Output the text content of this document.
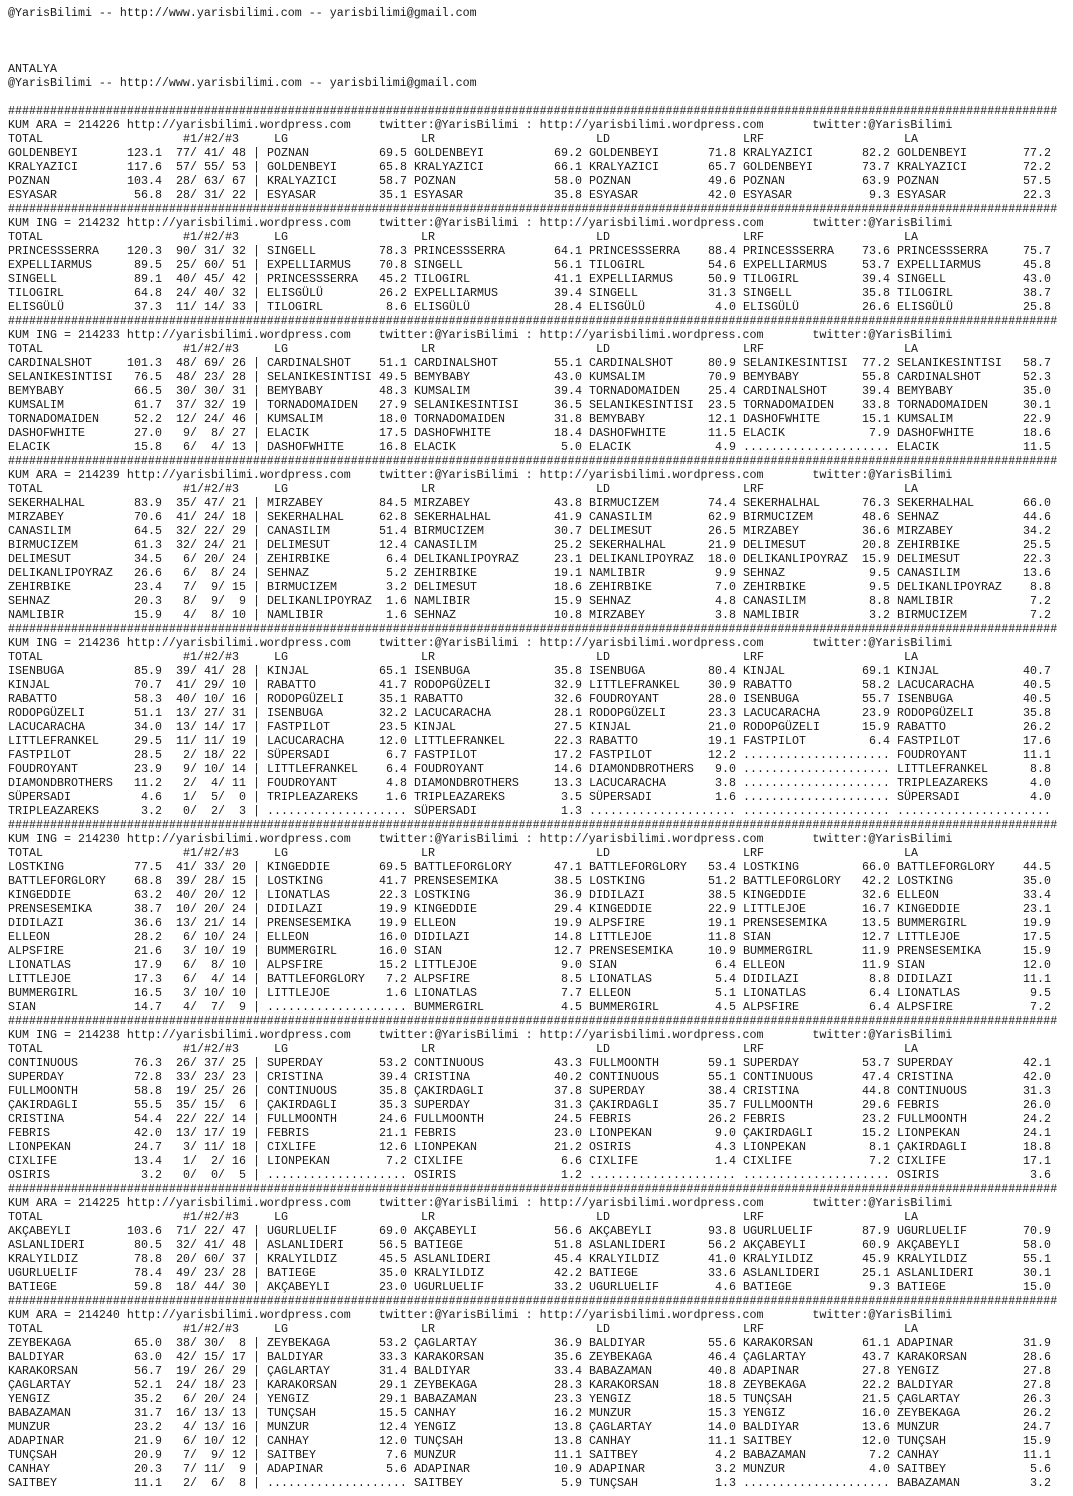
@YarisBilimi -- http://www.yarisbilimi.com -- yarisbilimi@gmail.com
ANTALYA
@YarisBilimi -- http://www.yarisbilimi.com -- yarisbilimi@gmail.com
######################################################################################################################################################
KUM ARA = 214226 http://yarisbilimi.wordpress.com    twitter:@YarisBilimi : http://yarisbilimi.wordpress.com       twitter:@YarisBilimi
TOTAL	#1/#2/#3	LG	LR	LD	LRF	LA
GOLDENBEYI	123.1 77/ 41/ 48 | POZNAN	69.5 GOLDENBEYI	69.2 GOLDENBEYI	71.8 KRALYAZICI	82.2 GOLDENBEYI	77.2
KRALYAZICI	117.6 57/ 55/ 53 | GOLDENBEYI	65.8 KRALYAZICI	66.1 KRALYAZICI	65.7 GOLDENBEYI	73.7 KRALYAZICI	72.2
POZNAN	103.4 28/ 63/ 67 | KRALYAZICI	58.7 POZNAN	58.0 POZNAN	49.6 POZNAN	63.9 POZNAN	57.5
ESYASAR	56.8 28/ 31/ 22 | ESYASAR	35.1 ESYASAR	35.8 ESYASAR	42.0 ESYASAR	9.3 ESYASAR	22.3
######################################################################################################################################################
KUM ING = 214232 http://yarisbilimi.wordpress.com    twitter:@YarisBilimi : http://yarisbilimi.wordpress.com       twitter:@YarisBilimi
TOTAL	#1/#2/#3	LG	LR	LD	LRF	LA
PRINCESSSERRA 120.3 90/ 31/ 32 | SINGELL	78.3 PRINCESSSERRA	64.1 PRINCESSSERRA 88.4 PRINCESSSERRA 73.6 PRINCESSSERRA	75.7
EXPELLIARMUS	89.5 25/ 60/ 51 | EXPELLIARMUS 70.8 SINGELL	56.1 TILOGIRL	54.6 EXPELLIARMUS	53.7 EXPELLIARMUS	45.8
SINGELL	89.1 40/ 45/ 42 | PRINCESSSERRA 45.2 TILOGIRL	41.1 EXPELLIARMUS	50.9 TILOGIRL	39.4 SINGELL	43.0
TILOGIRL	64.8 24/ 40/ 32 | ELISGÜLÜ	26.2 EXPELLIARMUS	39.4 SINGELL	31.3 SINGELL	35.8 TILOGIRL	38.7
ELISGÜLÜ	37.3 11/ 14/ 33 | TILOGIRL	8.6 ELISGÜLÜ	28.4 ELISGÜLÜ	4.0 ELISGÜLÜ	26.6 ELISGÜLÜ	25.8
######################################################################################################################################################
KUM ING = 214233 http://yarisbilimi.wordpress.com    twitter:@YarisBilimi : http://yarisbilimi.wordpress.com       twitter:@YarisBilimi
TOTAL	#1/#2/#3	LG	LR	LD	LRF	LA
CARDINALSHOT	101.3 48/ 69/ 26 | CARDINALSHOT 51.1 CARDINALSHOT	55.1 CARDINALSHOT	80.9 SELANIKESINTISI 77.2 SELANIKESINTISI 58.7
SELANIKESINTISI 76.5 48/ 23/ 28 | SELANIKESINTISI 49.5 BEMYBABY	43.0 KUMSALIM	70.9 BEMYBABY	55.8 CARDINALSHOT	52.3
BEMYBABY	66.5 30/ 30/ 31 | BEMYBABY	48.3 KUMSALIM	39.4 TORNADOMAIDEN 25.4 CARDINALSHOT	39.4 BEMYBABY	35.0
KUMSALIM	61.7 37/ 32/ 19 | TORNADOMAIDEN 27.9 SELANIKESINTISI	36.5 SELANIKESINTISI 23.5 TORNADOMAIDEN 33.8 TORNADOMAIDEN	30.1
TORNADOMAIDEN	52.2 12/ 24/ 46 | KUMSALIM	18.0 TORNADOMAIDEN	31.8 BEMYBABY	12.1 DASHOFWHITE	15.1 KUMSALIM	22.9
DASHOFWHITE	27.0 9/  8/ 27 | ELACIK	17.5 DASHOFWHITE	18.4 DASHOFWHITE	11.5 ELACIK	7.9 DASHOFWHITE	18.6
ELACIK	15.8 6/  4/ 13 | DASHOFWHITE	16.8 ELACIK	5.0 ELACIK	4.9 ..................... ELACIK	11.5
######################################################################################################################################################
KUM ARA = 214239 http://yarisbilimi.wordpress.com    twitter:@YarisBilimi : http://yarisbilimi.wordpress.com       twitter:@YarisBilimi
TOTAL	#1/#2/#3	LG	LR	LD	LRF	LA
SEKERHALHAL	83.9 35/ 47/ 21 | MIRZABEY	84.5 MIRZABEY	43.8 BIRMUCIZEM	74.4 SEKERHALHAL	76.3 SEKERHALHAL	66.0
MIRZABEY	70.6 41/ 24/ 18 | SEKERHALHAL	62.8 SEKERHALHAL	41.9 CANASILIM	62.9 BIRMUCIZEM	48.6 SEHNAZ	44.6
CANASILIM	64.5 32/ 22/ 29 | CANASILIM	51.4 BIRMUCIZEM	30.7 DELIMESUT	26.5 MIRZABEY	36.6 MIRZABEY	34.2
BIRMUCIZEM	61.3 32/ 24/ 21 | DELIMESUT	12.4 CANASILIM	25.2 SEKERHALHAL	21.9 DELIMESUT	20.8 ZEHIRBIKE	25.5
DELIMESUT	34.5 6/ 20/ 24 | ZEHIRBIKE	6.4 DELIKANLIPOYRAZ	23.1 DELIKANLIPOYRAZ 18.0 DELIKANLIPOYRAZ 15.9 DELIMESUT	22.3
DELIKANLIPOYRAZ 26.6 6/  8/ 24 | SEHNAZ	5.2 ZEHIRBIKE	19.1 NAMLIBIR	9.9 SEHNAZ	9.5 CANASILIM	13.6
ZEHIRBIKE	23.4 7/  9/ 15 | BIRMUCIZEM	3.2 DELIMESUT	18.6 ZEHIRBIKE	7.0 ZEHIRBIKE	9.5 DELIKANLIPOYRAZ 8.8
SEHNAZ	20.3 8/  9/  9 | DELIKANLIPOYRAZ 1.6 NAMLIBIR	15.9 SEHNAZ	4.8 CANASILIM	8.8 NAMLIBIR	7.2
NAMLIBIR	15.9 4/  8/ 10 | NAMLIBIR	1.6 SEHNAZ	10.8 MIRZABEY	3.8 NAMLIBIR	3.2 BIRMUCIZEM	7.2
######################################################################################################################################################
KUM ING = 214236 http://yarisbilimi.wordpress.com    twitter:@YarisBilimi : http://yarisbilimi.wordpress.com       twitter:@YarisBilimi
TOTAL	#1/#2/#3	LG	LR	LD	LRF	LA
ISENBUGA	85.9 39/ 41/ 28 | KINJAL	65.1 ISENBUGA	35.8 ISENBUGA	80.4 KINJAL	69.1 KINJAL	40.7
KINJAL	70.7 41/ 29/ 10 | RABATTO	41.7 RODOPGÜZELI	32.9 LITTLEFRANKEL 30.9 RABATTO	58.2 LACUCARACHA	40.5
RABATTO	58.3 40/ 10/ 16 | RODOPGÜZELI	35.1 RABATTO	32.6 FOUDROYANT	28.0 ISENBUGA	55.7 ISENBUGA	40.5
RODOPGÜZELI	51.1 13/ 27/ 31 | ISENBUGA	32.2 LACUCARACHA	28.1 RODOPGÜZELI	23.3 LACUCARACHA	23.9 RODOPGÜZELI	35.8
LACUCARACHA	34.0 13/ 14/ 17 | FASTPILOT	23.5 KINJAL	27.5 KINJAL	21.0 RODOPGÜZELI	15.9 RABATTO	26.2
LITTLEFRANKEL	29.5 11/ 11/ 19 | LACUCARACHA	12.0 LITTLEFRANKEL	22.3 RABATTO	19.1 FASTPILOT	6.4 FASTPILOT	17.6
FASTPILOT	28.5 2/ 18/ 22 | SÜPERSADI	6.7 FASTPILOT	17.2 FASTPILOT	12.2 ..................... FOUDROYANT	11.1
FOUDROYANT	23.9 9/ 10/ 14 | LITTLEFRANKEL 6.4 FOUDROYANT	14.6 DIAMONDBROTHERS 9.0 ..................... LITTLEFRANKEL	8.8
DIAMONDBROTHERS 11.2 2/  4/ 11 | FOUDROYANT	4.8 DIAMONDBROTHERS	13.3 LACUCARACHA	3.8 ..................... TRIPLEAZAREKS	4.0
SÜPERSADI	4.6 1/  5/  0 | TRIPLEAZAREKS 1.6 TRIPLEAZAREKS	3.5 SÜPERSADI	1.6 ..................... SÜPERSADI	4.0
TRIPLEAZAREKS	3.2 0/  2/  3 | .................... SÜPERSADI	1.3 ..................... ..................... ......................
######################################################################################################################################################
KUM ING = 214230 http://yarisbilimi.wordpress.com    twitter:@YarisBilimi : http://yarisbilimi.wordpress.com       twitter:@YarisBilimi
TOTAL	#1/#2/#3	LG	LR	LD	LRF	LA
LOSTKING	77.5 41/ 33/ 20 | KINGEDDIE	69.5 BATTLEFORGLORY	47.1 BATTLEFORGLORY 53.4 LOSTKING	66.0 BATTLEFORGLORY 44.5
BATTLEFORGLORY 68.8 39/ 28/ 15 | LOSTKING	41.7 PRENSESEMIKA	38.5 LOSTKING	51.2 BATTLEFORGLORY 42.2 LOSTKING	35.0
KINGEDDIE	63.2 40/ 20/ 12 | LIONATLAS	22.3 LOSTKING	36.9 DIDILAZI	38.5 KINGEDDIE	32.6 ELLEON	33.4
PRENSESEMIKA	38.7 10/ 20/ 24 | DIDILAZI	19.9 KINGEDDIE	29.4 KINGEDDIE	22.9 LITTLEJOE	16.7 KINGEDDIE	23.1
DIDILAZI	36.6 13/ 21/ 14 | PRENSESEMIKA 19.9 ELLEON	19.9 ALPSFIRE	19.1 PRENSESEMIKA	13.5 BUMMERGIRL	19.9
ELLEON	28.2 6/ 10/ 24 | ELLEON	16.0 DIDILAZI	14.8 LITTLEJOE	11.8 SIAN	12.7 LITTLEJOE	17.5
ALPSFIRE	21.6 3/ 10/ 19 | BUMMERGIRL	16.0 SIAN	12.7 PRENSESEMIKA	10.9 BUMMERGIRL	11.9 PRENSESEMIKA	15.9
LIONATLAS	17.9 6/  8/ 10 | ALPSFIRE	15.2 LITTLEJOE	9.0 SIAN	6.4 ELLEON	11.9 SIAN	12.0
LITTLEJOE	17.3 6/  4/ 14 | BATTLEFORGLORY 7.2 ALPSFIRE	8.5 LIONATLAS	5.4 DIDILAZI	8.8 DIDILAZI	11.1
BUMMERGIRL	16.5 3/ 10/ 10 | LITTLEJOE	1.6 LIONATLAS	7.7 ELLEON	5.1 LIONATLAS	6.4 LIONATLAS	9.5
SIAN	14.7 4/  7/  9 | .................... BUMMERGIRL	4.5 BUMMERGIRL	4.5 ALPSFIRE	6.4 ALPSFIRE	7.2
######################################################################################################################################################
KUM ING = 214238 http://yarisbilimi.wordpress.com    twitter:@YarisBilimi : http://yarisbilimi.wordpress.com       twitter:@YarisBilimi
TOTAL	#1/#2/#3	LG	LR	LD	LRF	LA
CONTINUOUS	76.3 26/ 37/ 25 | SUPERDAY	53.2 CONTINUOUS	43.3 FULLMOONTH	59.1 SUPERDAY	53.7 SUPERDAY	42.1
SUPERDAY	72.8 33/ 23/ 23 | CRISTINA	39.4 CRISTINA	40.2 CONTINUOUS	55.1 CONTINUOUS	47.4 CRISTINA	42.0
FULLMOONTH	58.8 19/ 25/ 26 | CONTINUOUS	35.8 ÇAKIRDAGLI	37.8 SUPERDAY	38.4 CRISTINA	44.8 CONTINUOUS	31.3
ÇAKIRDAGLI	55.5 35/ 15/  6 | ÇAKIRDAGLI	35.3 SUPERDAY	31.3 ÇAKIRDAGLI	35.7 FULLMOONTH	29.6 FEBRIS	26.0
CRISTINA	54.4 22/ 22/ 14 | FULLMOONTH	24.6 FULLMOONTH	24.5 FEBRIS	26.2 FEBRIS	23.2 FULLMOONTH	24.2
FEBRIS	42.0 13/ 17/ 19 | FEBRIS	21.1 FEBRIS	23.0 LIONPEKAN	9.0 ÇAKIRDAGLI	15.2 LIONPEKAN	24.1
LIONPEKAN	24.7 3/ 11/ 18 | CIXLIFE	12.6 LIONPEKAN	21.2 OSIRIS	4.3 LIONPEKAN	8.1 ÇAKIRDAGLI	18.8
CIXLIFE	13.4 1/  2/ 16 | LIONPEKAN	7.2 CIXLIFE	6.6 CIXLIFE	1.4 CIXLIFE	7.2 CIXLIFE	17.1
OSIRIS	3.2 0/  0/  5 | .................... OSIRIS	1.2 ..................... ..................... OSIRIS	3.6
######################################################################################################################################################
KUM ARA = 214225 http://yarisbilimi.wordpress.com    twitter:@YarisBilimi : http://yarisbilimi.wordpress.com       twitter:@YarisBilimi
TOTAL	#1/#2/#3	LG	LR	LD	LRF	LA
AKÇABEYLI	103.6 71/ 22/ 47 | UGURLUELIF	69.0 AKÇABEYLI	56.6 AKÇABEYLI	93.8 UGURLUELIF	87.9 UGURLUELIF	70.9
ASLANLIDERI	80.5 32/ 41/ 48 | ASLANLIDERI	56.5 BATIEGE	51.8 ASLANLIDERI	56.2 AKÇABEYLI	60.9 AKÇABEYLI	58.0
KRALYILDIZ	78.8 20/ 60/ 37 | KRALYILDIZ	45.5 ASLANLIDERI	45.4 KRALYILDIZ	41.0 KRALYILDIZ	45.9 KRALYILDIZ	55.1
UGURLUELIF	78.4 49/ 23/ 28 | BATIEGE	35.0 KRALYILDIZ	42.2 BATIEGE	33.6 ASLANLIDERI	25.1 ASLANLIDERI	30.1
BATIEGE	59.8 18/ 44/ 30 | AKÇABEYLI	23.0 UGURLUELIF	33.2 UGURLUELIF	4.6 BATIEGE	9.3 BATIEGE	15.0
######################################################################################################################################################
KUM ARA = 214240 http://yarisbilimi.wordpress.com    twitter:@YarisBilimi : http://yarisbilimi.wordpress.com       twitter:@YarisBilimi
TOTAL	#1/#2/#3	LG	LR	LD	LRF	LA
ZEYBEKAGA	65.0 38/ 30/  8 | ZEYBEKAGA	53.2 ÇAGLARTAY	36.9 BALDIYAR	55.6 KARAKORSAN	61.1 ADAPINAR	31.9
BALDIYAR	63.0 42/ 15/ 17 | BALDIYAR	33.3 KARAKORSAN	35.6 ZEYBEKAGA	46.4 ÇAGLARTAY	43.7 KARAKORSAN	28.6
KARAKORSAN	56.7 19/ 26/ 29 | ÇAGLARTAY	31.4 BALDIYAR	33.4 BABAZAMAN	40.8 ADAPINAR	27.8 YENGIZ	27.8
ÇAGLARTAY	52.1 24/ 18/ 23 | KARAKORSAN	29.1 ZEYBEKAGA	28.3 KARAKORSAN	18.8 ZEYBEKAGA	22.2 BALDIYAR	27.8
YENGIZ	35.2 6/ 20/ 24 | YENGIZ	29.1 BABAZAMAN	23.3 YENGIZ	18.5 TUNÇSAH	21.5 ÇAGLARTAY	26.3
BABAZAMAN	31.7 16/ 13/ 13 | TUNÇSAH	15.5 CANHAY	16.2 MUNZUR	15.3 YENGIZ	16.0 ZEYBEKAGA	26.2
MUNZUR	23.2 4/ 13/ 16 | MUNZUR	12.4 YENGIZ	13.8 ÇAGLARTAY	14.0 BALDIYAR	13.6 MUNZUR	24.7
ADAPINAR	21.9 6/ 10/ 12 | CANHAY	12.0 TUNÇSAH	13.8 CANHAY	11.1 SAITBEY	12.0 TUNÇSAH	15.9
TUNÇSAH	20.9 7/  9/ 12 | SAITBEY	7.6 MUNZUR	11.1 SAITBEY	4.2 BABAZAMAN	7.2 CANHAY	11.1
CANHAY	20.3 7/ 11/  9 | ADAPINAR	5.6 ADAPINAR	10.9 ADAPINAR	3.2 MUNZUR	4.0 SAITBEY	5.6
SAITBEY	11.1 2/  6/  8 | .................... SAITBEY	5.9 TUNÇSAH	1.3 ..................... BABAZAMAN	3.2
